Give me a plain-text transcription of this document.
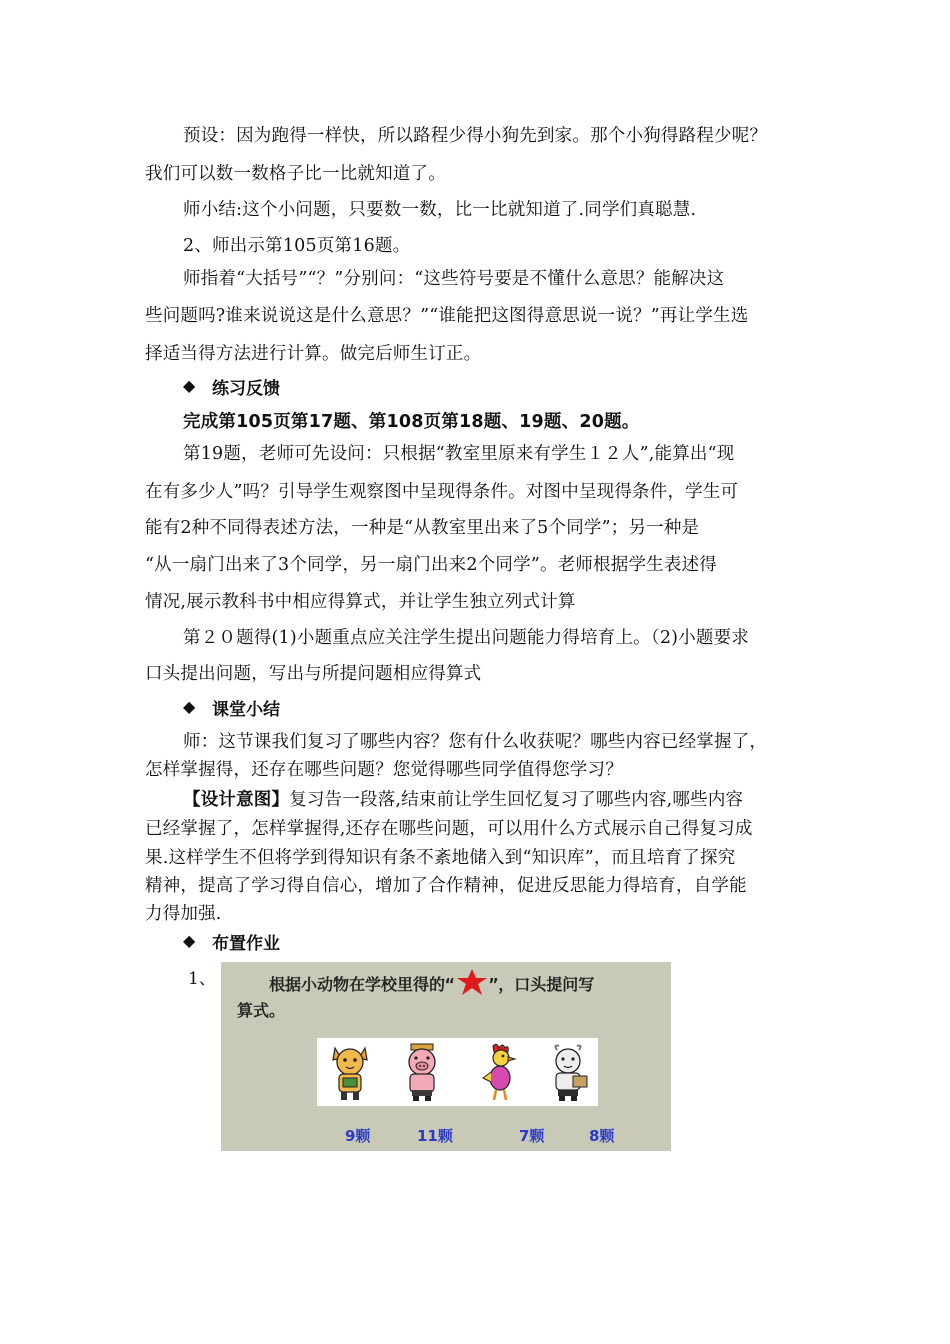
预设：因为跑得一样快，所以路程少得小狗先到家。那个小狗得路程少呢？
我们可以数一数格子比一比就知道了。
师小结:这个小问题，只要数一数，比一比就知道了.同学们真聪慧.
2、师出示第105页第16题。
师指着“大括号”“？”分别问：“这些符号要是不懂什么意思？能解决这
些问题吗?谁来说说这是什么意思？”“谁能把这图得意思说一说？”再让学生选
择适当得方法进行计算。做完后师生订正。
◆ 练习反馈
完成第105页第17题、第108页第18题、19题、20题。
第19题，老师可先设问：只根据“教室里原来有学生１２人”,能算出“现
在有多少人”吗？引导学生观察图中呈现得条件。对图中呈现得条件，学生可
能有2种不同得表述方法，一种是“从教室里出来了5个同学”；另一种是
“从一扇门出来了3个同学，另一扇门出来2个同学”。老师根据学生表述得
情况,展示教科书中相应得算式，并让学生独立列式计算
第２０题得(1)小题重点应关注学生提出问题能力得培育上。（2)小题要求
口头提出问题，写出与所提问题相应得算式
◆ 课堂小结
师：这节课我们复习了哪些内容？您有什么收获呢？哪些内容已经掌握了，
怎样掌握得，还存在哪些问题？您觉得哪些同学值得您学习？
【设计意图】复习告一段落,结束前让学生回忆复习了哪些内容,哪些内容
已经掌握了，怎样掌握得,还存在哪些问题，可以用什么方式展示自己得复习成
果.这样学生不但将学到得知识有条不紊地储入到“知识库”，而且培育了探究
精神，提高了学习得自信心，增加了合作精神，促进反思能力得培育，自学能
力得加强.
◆ 布置作业
1、	根据小动物在学校里得的“ ”，口头提问写
算式。
9颗	11颗	7颗	8颗
